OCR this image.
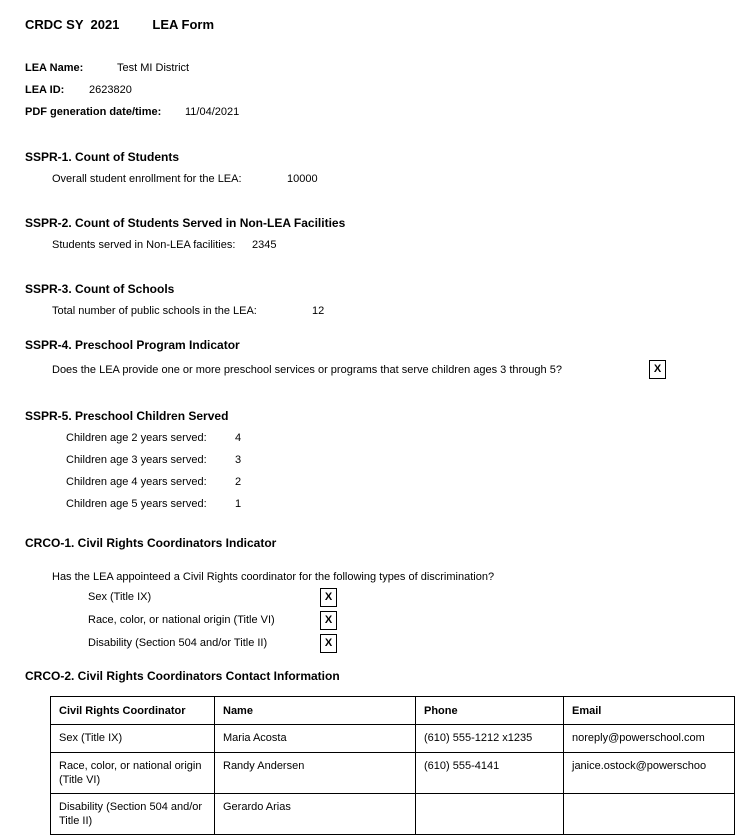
CRDC SY  2021	LEA Form
LEA Name:	Test MI District
LEA ID: 2623820
PDF generation date/time: 11/04/2021
SSPR-1. Count of Students
Overall student enrollment for the LEA:	10000
SSPR-2. Count of Students Served in Non-LEA Facilities
Students served in Non-LEA facilities: 2345
SSPR-3. Count of Schools
Total number of public schools in the LEA:	12
SSPR-4. Preschool Program Indicator
Does the LEA provide one or more preschool services or programs that serve children ages 3 through 5?	X
SSPR-5. Preschool Children Served
Children age 2 years served:	4
Children age 3 years served:	3
Children age 4 years served:	2
Children age 5 years served:	1
CRCO-1. Civil Rights Coordinators Indicator
Has the LEA appointeed a Civil Rights coordinator for the following types of discrimination?
Sex (Title IX)	X
Race, color, or national origin (Title VI)	X
Disability (Section 504 and/or Title II)	X
CRCO-2. Civil Rights Coordinators Contact Information
Civil Rights Coordinator	Name	Phone	Email
Sex (Title IX)	Maria Acosta	(610) 555-1212 x1235	noreply@powerschool.com
Race, color, or national origin (Title VI)	Randy Andersen	(610) 555-4141	janice.ostock@powerschoo
Disability (Section 504 and/or Title II)	Gerardo Arias		
